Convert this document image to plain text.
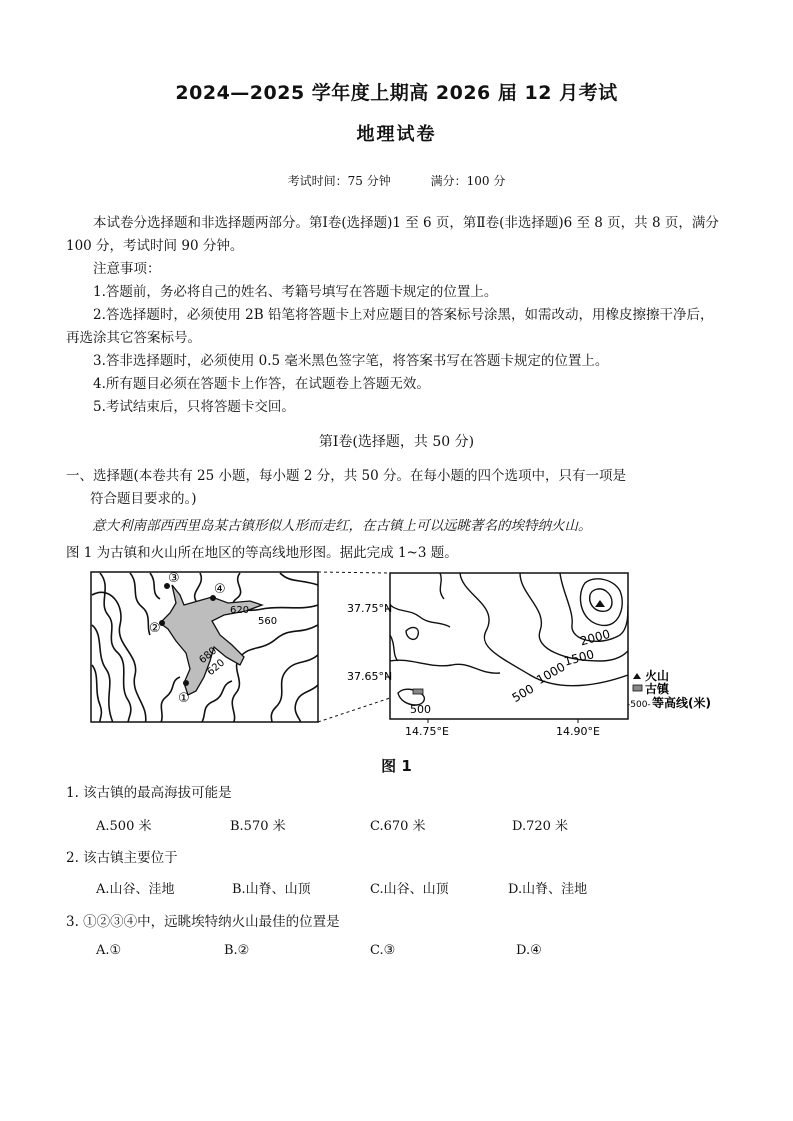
2024—2025 学年度上期高 2026 届 12 月考试
地理试卷
考试时间：75 分钟	满分：100 分
本试卷分选择题和非选择题两部分。第Ⅰ卷(选择题)1 至 6 页，第Ⅱ卷(非选择题)6 至 8 页，共 8 页，满分 100 分，考试时间 90 分钟。
注意事项：
1.答题前，务必将自己的姓名、考籍号填写在答题卡规定的位置上。
2.答选择题时，必须使用 2B 铅笔将答题卡上对应题目的答案标号涂黑，如需改动，用橡皮擦擦干净后，再选涂其它答案标号。
3.答非选择题时，必须使用 0.5 毫米黑色签字笔，将答案书写在答题卡规定的位置上。
4.所有题目必须在答题卡上作答，在试题卷上答题无效。
5.考试结束后，只将答题卡交回。
第Ⅰ卷(选择题，共 50 分)
一、选择题(本卷共有 25 小题，每小题 2 分，共 50 分。在每小题的四个选项中，只有一项是
符合题目要求的。)
意大利南部西西里岛某古镇形似人形而走红，在古镇上可以远眺著名的埃特纳火山。
图 1 为古镇和火山所在地区的等高线地形图。据此完成 1~3 题。
③
④
②
①
620
560
680
620
2000
1500
1000
500
500
37.75°N
37.65°N
14.75°E	14.90°E
火山
古镇
-500- 等高线(米)
图 1
1. 该古镇的最高海拔可能是
A.500 米	B.570 米	C.670 米	D.720 米
2. 该古镇主要位于
A.山谷、洼地	B.山脊、山顶	C.山谷、山顶	D.山脊、洼地
3. ①②③④中，远眺埃特纳火山最佳的位置是
A.①	B.②	C.③	D.④
